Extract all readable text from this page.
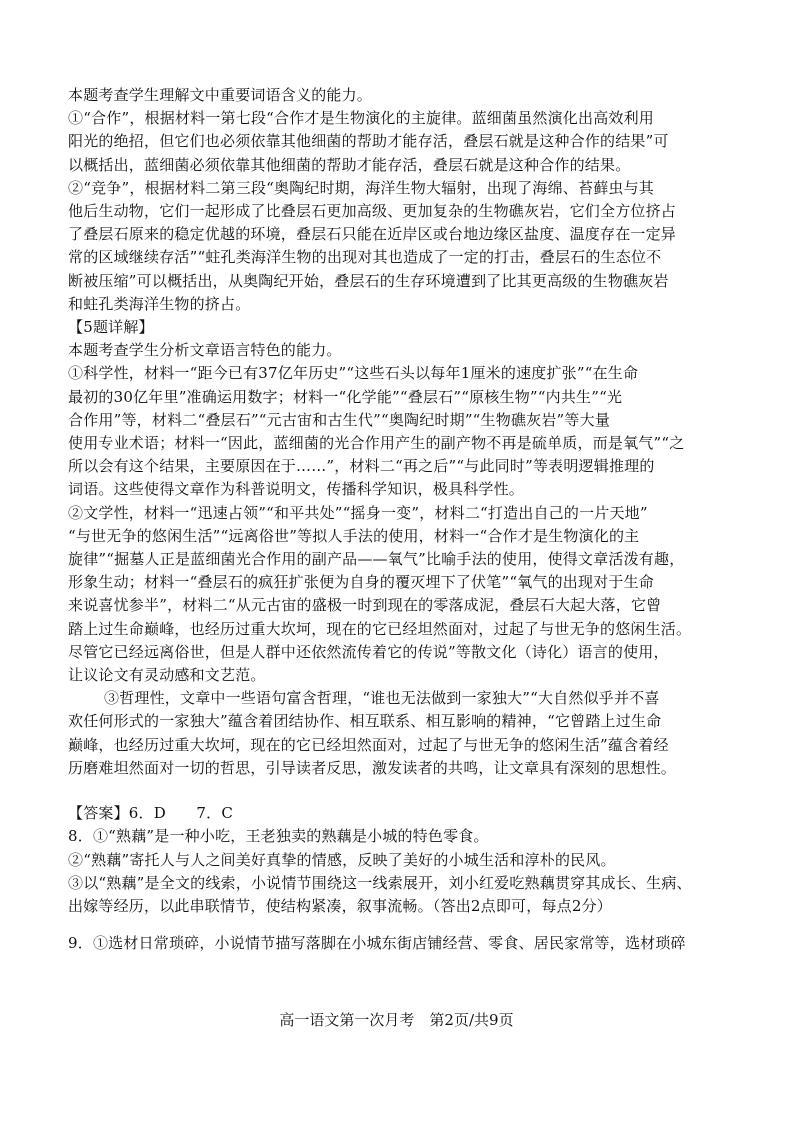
本题考查学生理解文中重要词语含义的能力。
①“合作”，根据材料一第七段“合作才是生物演化的主旋律。蓝细菌虽然演化出高效利用
阳光的绝招，但它们也必须依靠其他细菌的帮助才能存活，叠层石就是这种合作的结果”可
以概括出，蓝细菌必须依靠其他细菌的帮助才能存活，叠层石就是这种合作的结果。
②“竞争”，根据材料二第三段“奥陶纪时期，海洋生物大辐射，出现了海绵、苔藓虫与其
他后生动物，它们一起形成了比叠层石更加高级、更加复杂的生物礁灰岩，它们全方位挤占
了叠层石原来的稳定优越的环境，叠层石只能在近岸区或台地边缘区盐度、温度存在一定异
常的区域继续存活”“蛀孔类海洋生物的出现对其也造成了一定的打击，叠层石的生态位不
断被压缩”可以概括出，从奥陶纪开始，叠层石的生存环境遭到了比其更高级的生物礁灰岩
和蛀孔类海洋生物的挤占。
【5题详解】
本题考查学生分析文章语言特色的能力。
①科学性，材料一“距今已有37亿年历史”“这些石头以每年1厘米的速度扩张”“在生命
最初的30亿年里”准确运用数字；材料一“化学能”“叠层石”“原核生物”“内共生”“光
合作用”等，材料二“叠层石”“元古宙和古生代”“奥陶纪时期”“生物礁灰岩”等大量
使用专业术语；材料一“因此，蓝细菌的光合作用产生的副产物不再是硫单质，而是氧气”“之
所以会有这个结果，主要原因在于……”，材料二“再之后”“与此同时”等表明逻辑推理的
词语。这些使得文章作为科普说明文，传播科学知识，极具科学性。
②文学性，材料一“迅速占领”“和平共处”“摇身一变”，材料二“打造出自己的一片天地”
“与世无争的悠闲生活”“远离俗世”等拟人手法的使用，材料一“合作才是生物演化的主
旋律”“掘墓人正是蓝细菌光合作用的副产品——氧气”比喻手法的使用，使得文章活泼有趣，
形象生动；材料一“叠层石的疯狂扩张便为自身的覆灭埋下了伏笔”“氧气的出现对于生命
来说喜忧参半”，材料二“从元古宙的盛极一时到现在的零落成泥，叠层石大起大落，它曾
踏上过生命巅峰，也经历过重大坎坷，现在的它已经坦然面对，过起了与世无争的悠闲生活。
尽管它已经远离俗世，但是人群中还依然流传着它的传说”等散文化（诗化）语言的使用，
让议论文有灵动感和文艺范。
③哲理性，文章中一些语句富含哲理，“谁也无法做到一家独大”“大自然似乎并不喜
欢任何形式的一家独大”蕴含着团结协作、相互联系、相互影响的精神，“它曾踏上过生命
巅峰，也经历过重大坎坷，现在的它已经坦然面对，过起了与世无争的悠闲生活”蕴含着经
历磨难坦然面对一切的哲思，引导读者反思，激发读者的共鸣，让文章具有深刻的思想性。
【答案】6．D　　7．C
8．①“熟藕”是一种小吃，王老独卖的熟藕是小城的特色零食。
②“熟藕”寄托人与人之间美好真挚的情感，反映了美好的小城生活和淳朴的民风。
③以“熟藕”是全文的线索，小说情节围绕这一线索展开，刘小红爱吃熟藕贯穿其成长、生病、
出嫁等经历，以此串联情节，使结构紧凑，叙事流畅。（答出2点即可，每点2分）
9．①选材日常琐碎，小说情节描写落脚在小城东街店铺经营、零食、居民家常等，选材琐碎
高一语文第一次月考　第2页/共9页
